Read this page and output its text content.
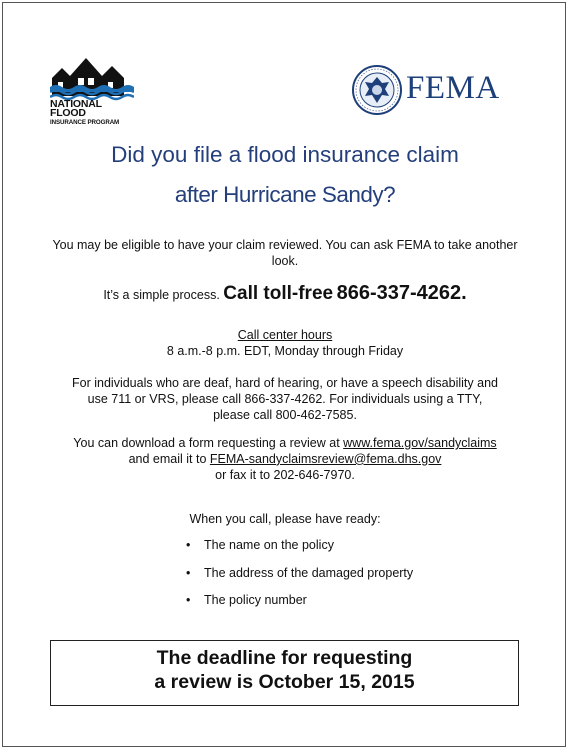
NATIONAL FLOOD
INSURANCE PROGRAM
FEMA
Did you file a flood insurance claim
after Hurricane Sandy?
You may be eligible to have your claim reviewed. You can ask FEMA to take another look.
It’s a simple process. Call toll-free 866-337-4262.
Call center hours
8 a.m.-8 p.m. EDT, Monday through Friday
For individuals who are deaf, hard of hearing, or have a speech disability and
use 711 or VRS, please call 866-337-4262. For individuals using a TTY,
please call 800-462-7585.
You can download a form requesting a review at www.fema.gov/sandyclaims
and email it to FEMA-sandyclaimsreview@fema.dhs.gov
or fax it to 202-646-7970.
When you call, please have ready:
• The name on the policy
• The address of the damaged property
• The policy number
The deadline for requesting
a review is October 15, 2015
